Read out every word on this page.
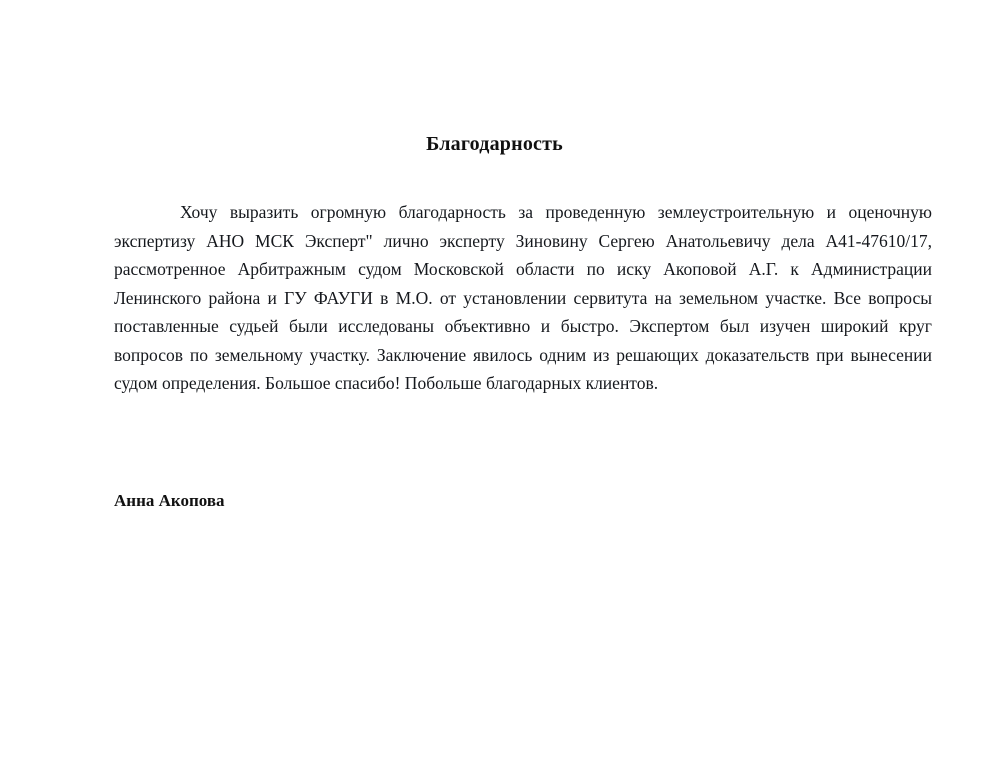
Благодарность
Хочу выразить огромную благодарность за проведенную землеустроительную и оценочную экспертизу АНО МСК Эксперт" лично эксперту Зиновину Сергею Анатольевичу дела А41-47610/17, рассмотренное Арбитражным судом Московской области по иску Акоповой А.Г. к Администрации Ленинского района и ГУ ФАУГИ в М.О. от установлении сервитута на земельном участке. Все вопросы поставленные судьей были исследованы объективно и быстро. Экспертом был изучен широкий круг вопросов по земельному участку. Заключение явилось одним из решающих доказательств при вынесении судом определения. Большое спасибо! Побольше благодарных клиентов.
Анна Акопова
